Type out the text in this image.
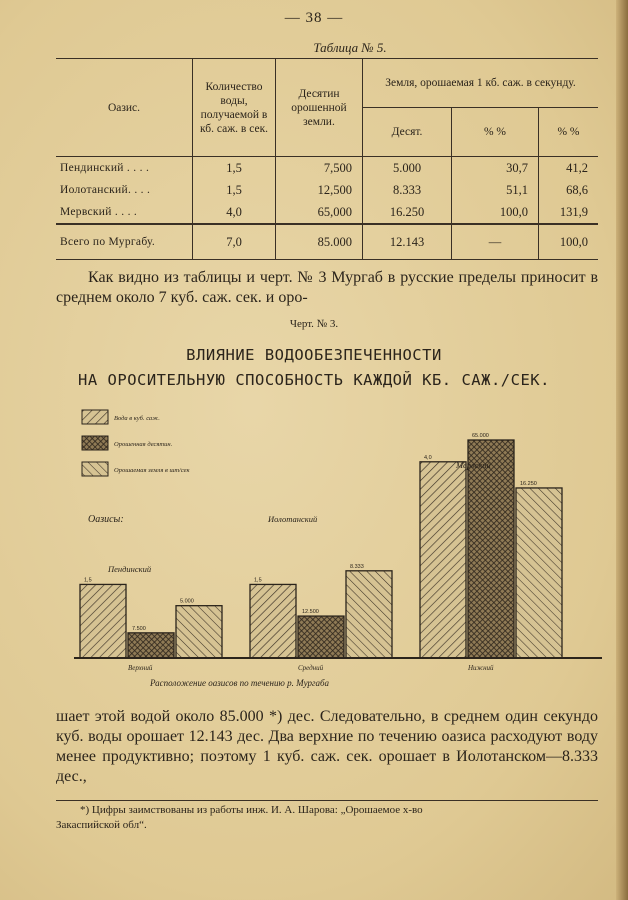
— 38 —
Таблица № 5.
Оазис.	Количество воды, получаемой в кб. саж. в сек.	Десятин орошенной земли.	Земля, орошаемая 1 кб. саж. в секунду.		
			Десят.	% %	% %
Пендинский . . . .	1,5	7,500	5.000	30,7	41,2
Иолотанский. . . .	1,5	12,500	8.333	51,1	68,6
Мервский . . . .	4,0	65,000	16.250	100,0	131,9
Всего по Мургабу.	7,0	85.000	12.143	—	100,0
Как видно из таблицы и черт. № 3 Мургаб в русские пределы приносит в среднем около 7 куб. саж. сек. и оро-
Черт. № 3.
ВЛИЯНИЕ ВОДООБЕЗПЕЧЕННОСТИ
НА ОРОСИТЕЛЬНУЮ СПОСОБНОСТЬ КАЖДОЙ КБ. САЖ./СЕК.
Вода в куб. саж.
Орошенная десятин.
Орошаемая земля в шт/сек
Оазисы:
1,5
7.500
5.000
Верхний
Пендинский
1,5
12.500
8.333
Средний
Иолотанский
4,0
65.000
16.250
Нижний
Мервский
Расположение оазисов по течению р. Мургаба
шает этой водой около 85.000 *) дес. Следовательно, в среднем один секундо куб. воды орошает 12.143 дес. Два верхние по течению оазиса расходуют воду менее продуктивно; поэтому 1 куб. саж. сек. орошает в Иолотанском—8.333 дес.,
*) Цифры заимствованы из работы инж. И. А. Шарова: „Орошаемое х-во
Закаспийской обл“.
